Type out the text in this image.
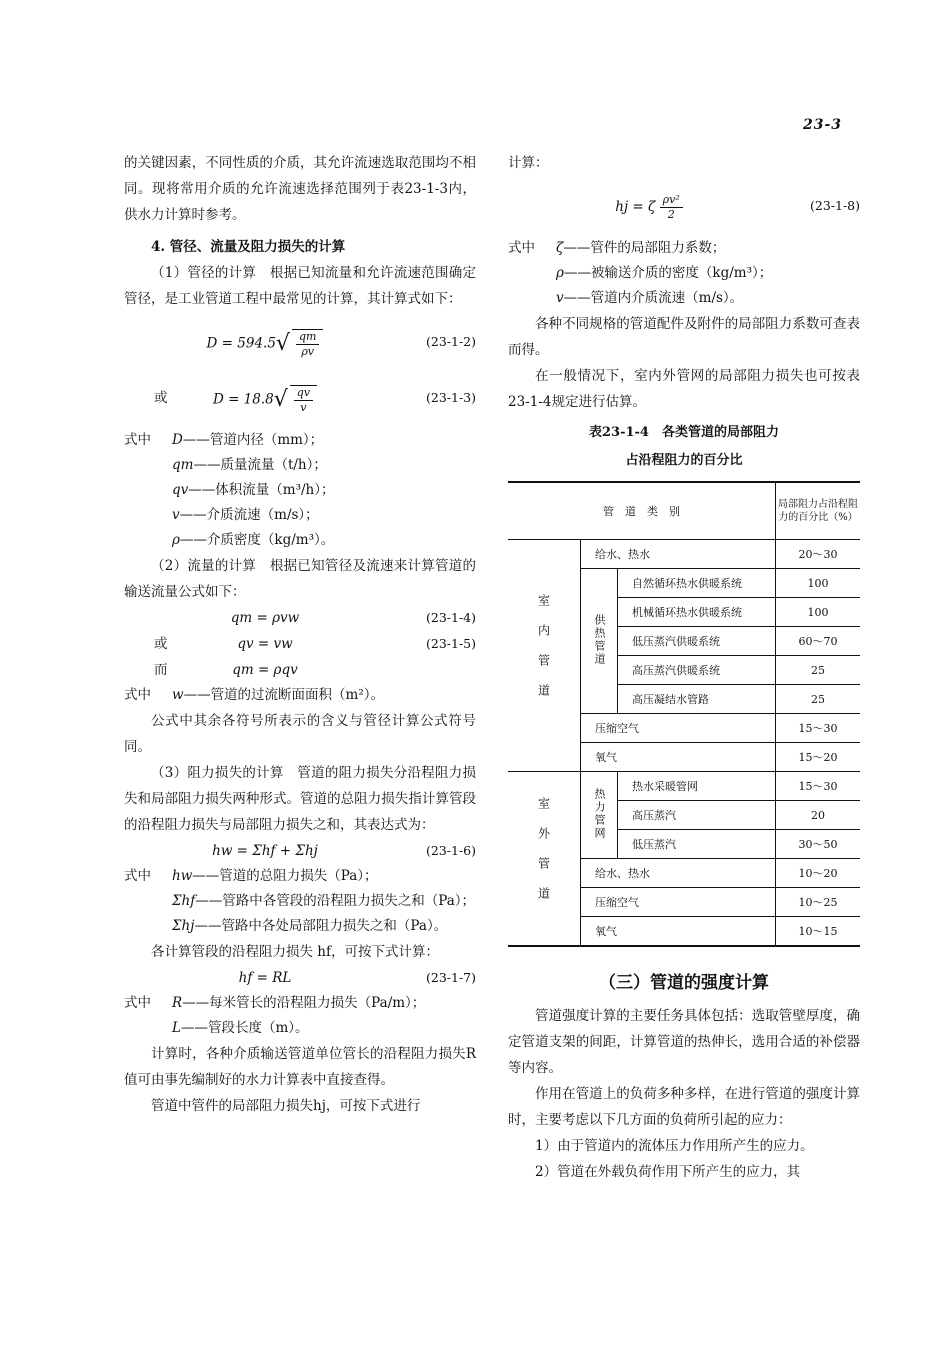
23-3

的关键因素，不同性质的介质，其允许流速选取范围均不相同。现将常用介质的允许流速选择范围列于表23-1-3内，供水力计算时参考。

4. 管径、流量及阻力损失的计算

（1）管径的计算　根据已知流量和允许流速范围确定管径，是工业管道工程中最常见的计算，其计算式如下：

$D = 594.5√ \frac{qm}{\rho v}$	(23-1-2)
或	$D = 18.8√ \frac{qv}{v}$	(23-1-3)
式中 D——管道内径（mm）；
qm——质量流量（t/h）；
qv——体积流量（m³/h）；
v——介质流速（m/s）；
ρ——介质密度（kg/m³）。

（2）流量的计算　根据已知管径及流速来计算管道的输送流量公式如下：

qm = ρvw	(23-1-4)
或	qv = vw	(23-1-5)
而	qm = ρqv
式中 w——管道的过流断面面积（m²）。

公式中其余各符号所表示的含义与管径计算公式符号同。

（3）阻力损失的计算　管道的阻力损失分沿程阻力损失和局部阻力损失两种形式。管道的总阻力损失指计算管段的沿程阻力损失与局部阻力损失之和，其表达式为：

hw = Σhf + Σhj	(23-1-6)
式中 hw——管道的总阻力损失（Pa）；
Σhf——管路中各管段的沿程阻力损失之和（Pa）；
Σhj——管路中各处局部阻力损失之和（Pa）。

各计算管段的沿程阻力损失 hf，可按下式计算：

hf = RL	(23-1-7)
式中 R——每米管长的沿程阻力损失（Pa/m）；
L——管段长度（m）。

计算时，各种介质输送管道单位管长的沿程阻力损失R值可由事先编制好的水力计算表中直接查得。

管道中管件的局部阻力损失hj，可按下式进行

计算：

hj = ζ $\frac{\text{ρv²}}{2}$	(23-1-8)
式中 ζ——管件的局部阻力系数；
ρ——被输送介质的密度（kg/m³）；
v——管道内介质流速（m/s）。

各种不同规格的管道配件及附件的局部阻力系数可查表而得。

在一般情况下，室内外管网的局部阻力损失也可按表23-1-4规定进行估算。

表23-1-4　各类管道的局部阻力
占沿程阻力的百分比
管　道　类　别			局部阻力占沿程阻力的百分比（%）
室内管道	给水、热水		20～30
	供热管道	自然循环热水供暖系统	100
		机械循环热水供暖系统	100
		低压蒸汽供暖系统	60～70
		高压蒸汽供暖系统	25
		高压凝结水管路	25
	压缩空气		15～30
	氧气		15～20
室外管道	热力管网	热水采暖管网	15～30
		高压蒸汽	20
		低压蒸汽	30～50
	给水、热水		10～20
	压缩空气		10～25
	氧气		10～15
（三）管道的强度计算

管道强度计算的主要任务具体包括：选取管壁厚度，确定管道支架的间距，计算管道的热伸长，选用合适的补偿器等内容。

作用在管道上的负荷多种多样，在进行管道的强度计算时，主要考虑以下几方面的负荷所引起的应力：

1）由于管道内的流体压力作用所产生的应力。

2）管道在外载负荷作用下所产生的应力，其
